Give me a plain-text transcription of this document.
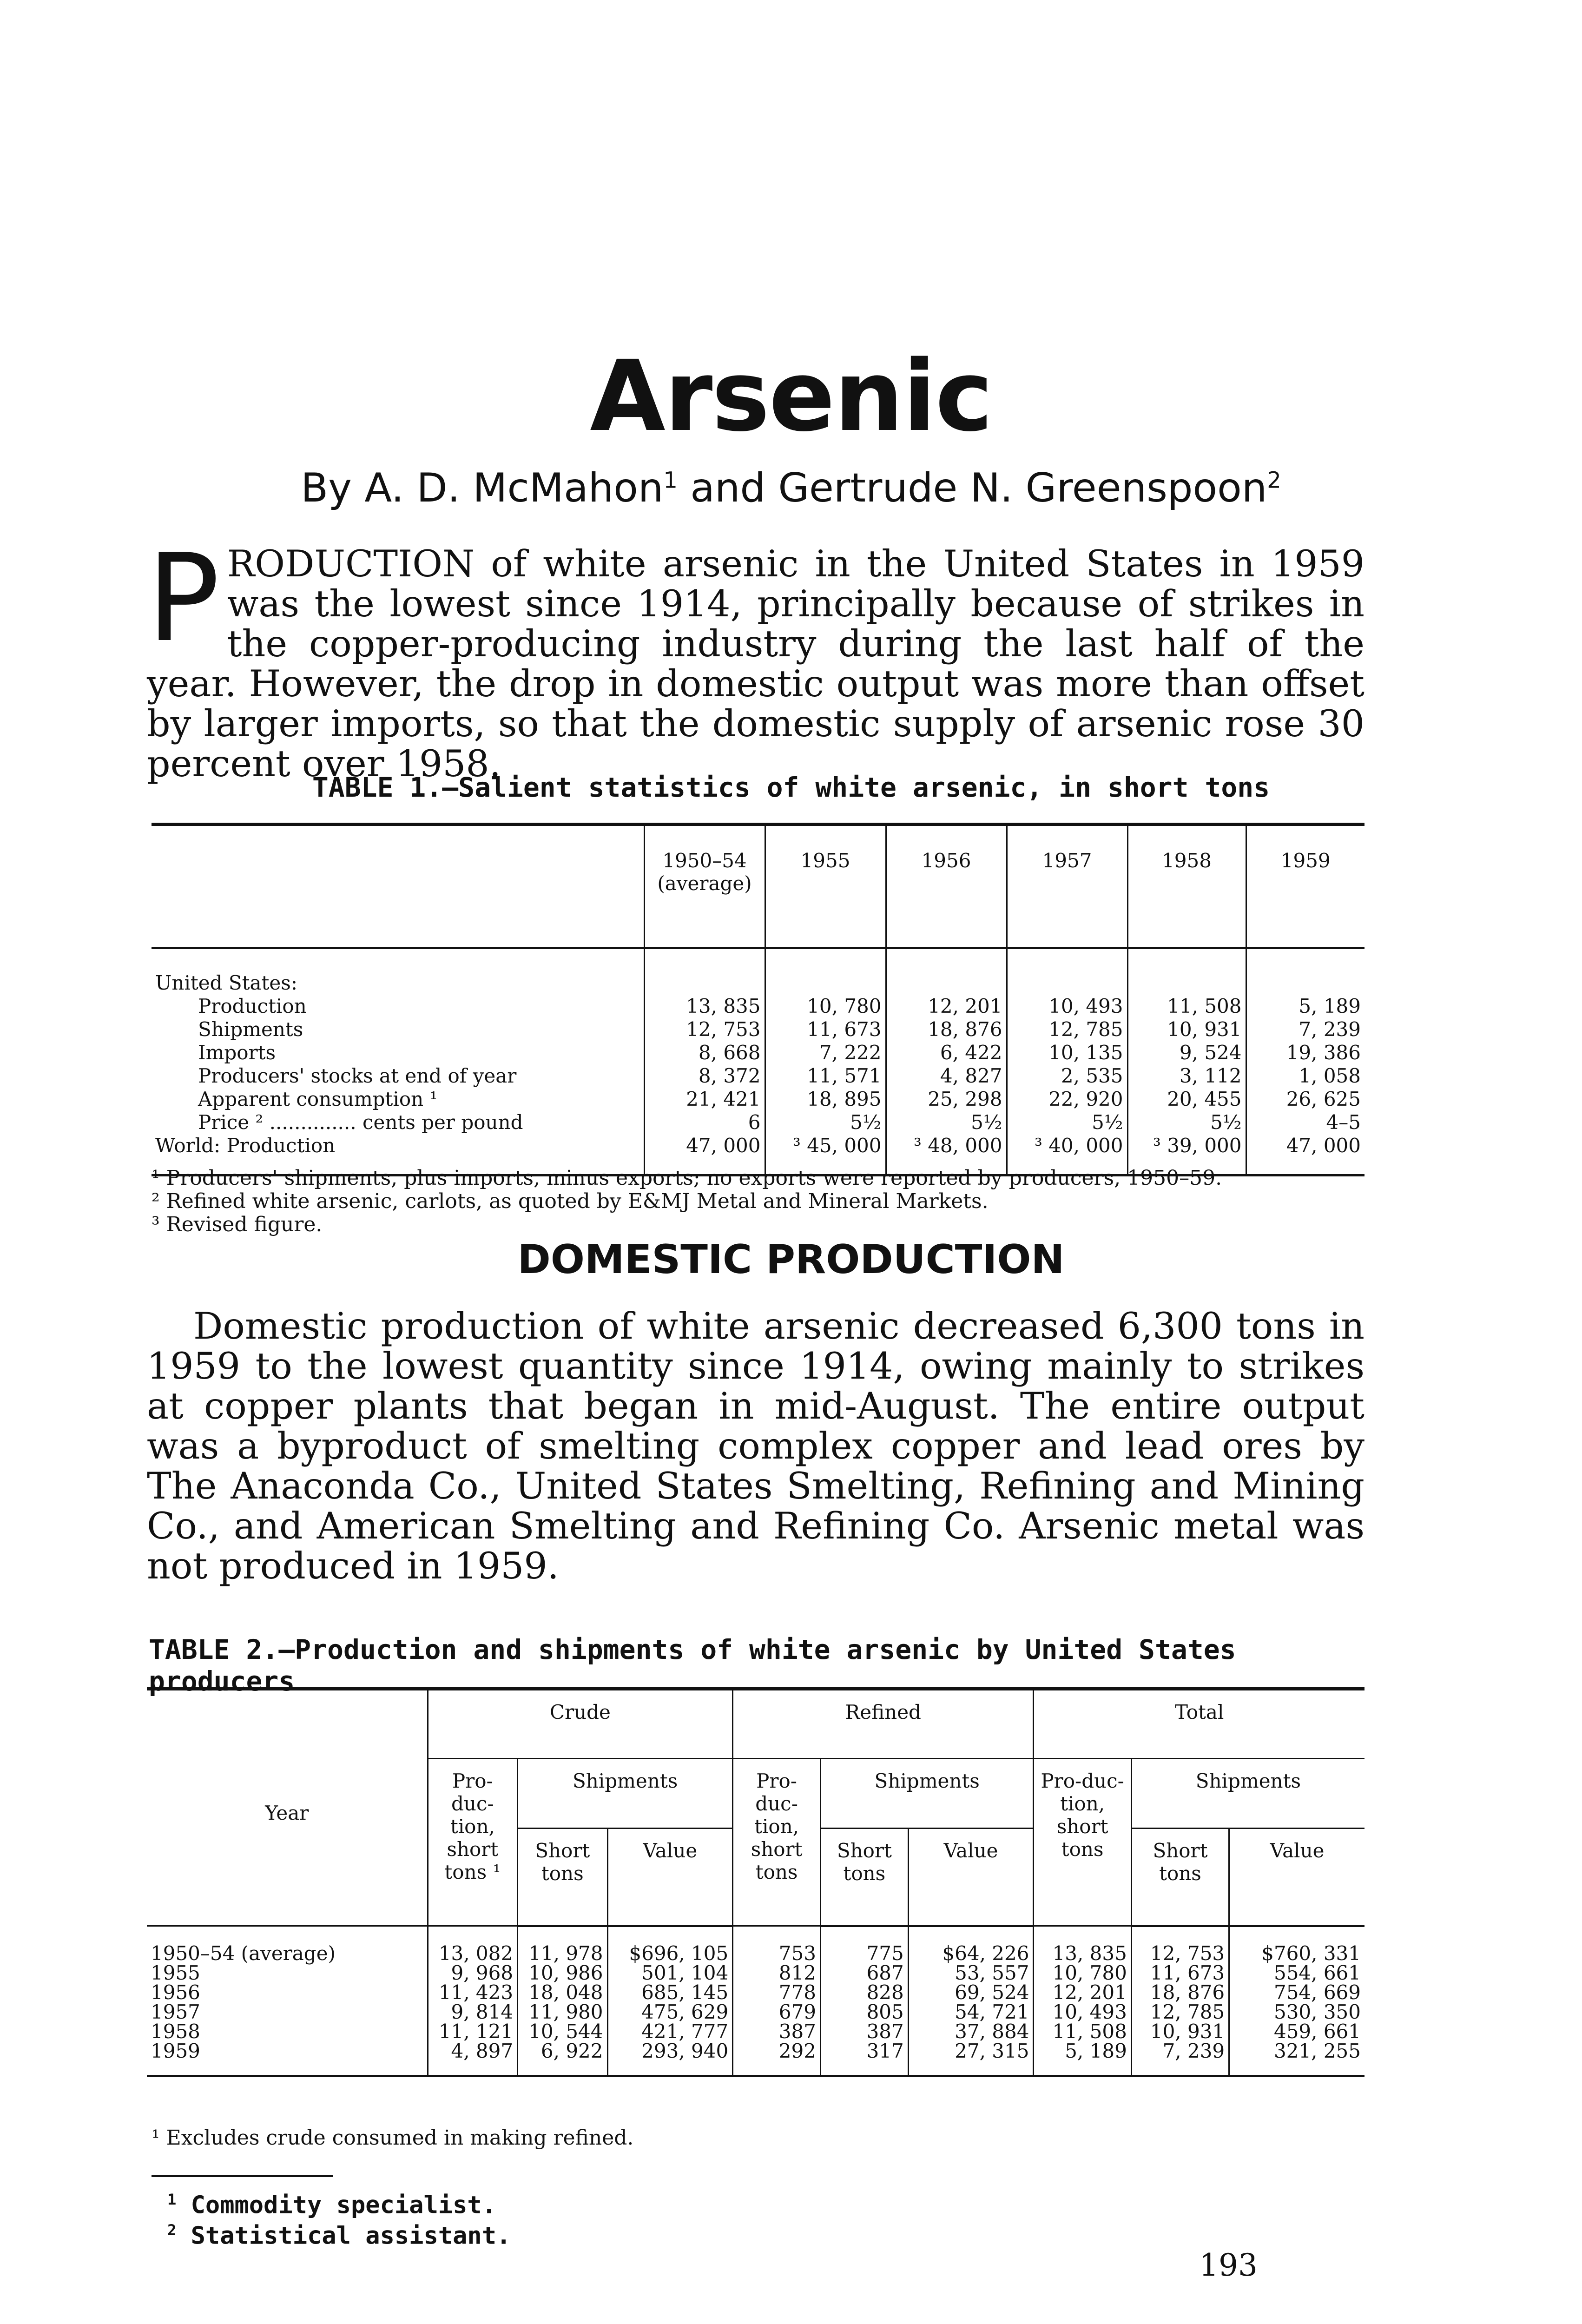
Arsenic
By A. D. McMahon$^1$ and Gertrude N. Greenspoon$^2$

PRODUCTION of white arsenic in the United States in 1959 was the lowest since 1914, principally because of strikes in the copper-producing industry during the last half of the year. However, the drop in domestic output was more than offset by larger imports, so that the domestic supply of arsenic rose 30 percent over 1958.

TABLE 1.—Salient statistics of white arsenic, in short tons
	1950–54 (average)	1955	1956	1957	1958	1959
United States:						
Production	13, 835	10, 780	12, 201	10, 493	11, 508	5, 189
Shipments	12, 753	11, 673	18, 876	12, 785	10, 931	7, 239
Imports	8, 668	7, 222	6, 422	10, 135	9, 524	19, 386
Producers' stocks at end of year	8, 372	11, 571	4, 827	2, 535	3, 112	1, 058
Apparent consumption ¹	21, 421	18, 895	25, 298	22, 920	20, 455	26, 625
Price ² .............. cents per pound	6	5½	5½	5½	5½	4–5
World: Production	47, 000	³ 45, 000	³ 48, 000	³ 40, 000	³ 39, 000	47, 000

¹ Producers' shipments, plus imports, minus exports; no exports were reported by producers, 1950–59.

² Refined white arsenic, carlots, as quoted by E&MJ Metal and Mineral Markets.

³ Revised figure.

DOMESTIC PRODUCTION

Domestic production of white arsenic decreased 6,300 tons in 1959 to the lowest quantity since 1914, owing mainly to strikes at copper plants that began in mid-August. The entire output was a byproduct of smelting complex copper and lead ores by The Anaconda Co., United States Smelting, Refining and Mining Co., and American Smelting and Refining Co. Arsenic metal was not produced in 1959.

TABLE 2.—Production and shipments of white arsenic by United States producers
Year	Crude			Refined			Total		
	Pro-duc-tion, short tons ¹	Shipments		Pro-duc-tion, short tons	Shipments		Pro-duc-tion, short tons	Shipments	
		Short tons	Value		Short tons	Value		Short tons	Value
1950–54 (average)	13, 082	11, 978	$696, 105	753	775	$64, 226	13, 835	12, 753	$760, 331
1955	9, 968	10, 986	501, 104	812	687	53, 557	10, 780	11, 673	554, 661
1956	11, 423	18, 048	685, 145	778	828	69, 524	12, 201	18, 876	754, 669
1957	9, 814	11, 980	475, 629	679	805	54, 721	10, 493	12, 785	530, 350
1958	11, 121	10, 544	421, 777	387	387	37, 884	11, 508	10, 931	459, 661
1959	4, 897	6, 922	293, 940	292	317	27, 315	5, 189	7, 239	321, 255

¹ Excludes crude consumed in making refined.

$^1$ Commodity specialist.
$^2$ Statistical assistant.

193
